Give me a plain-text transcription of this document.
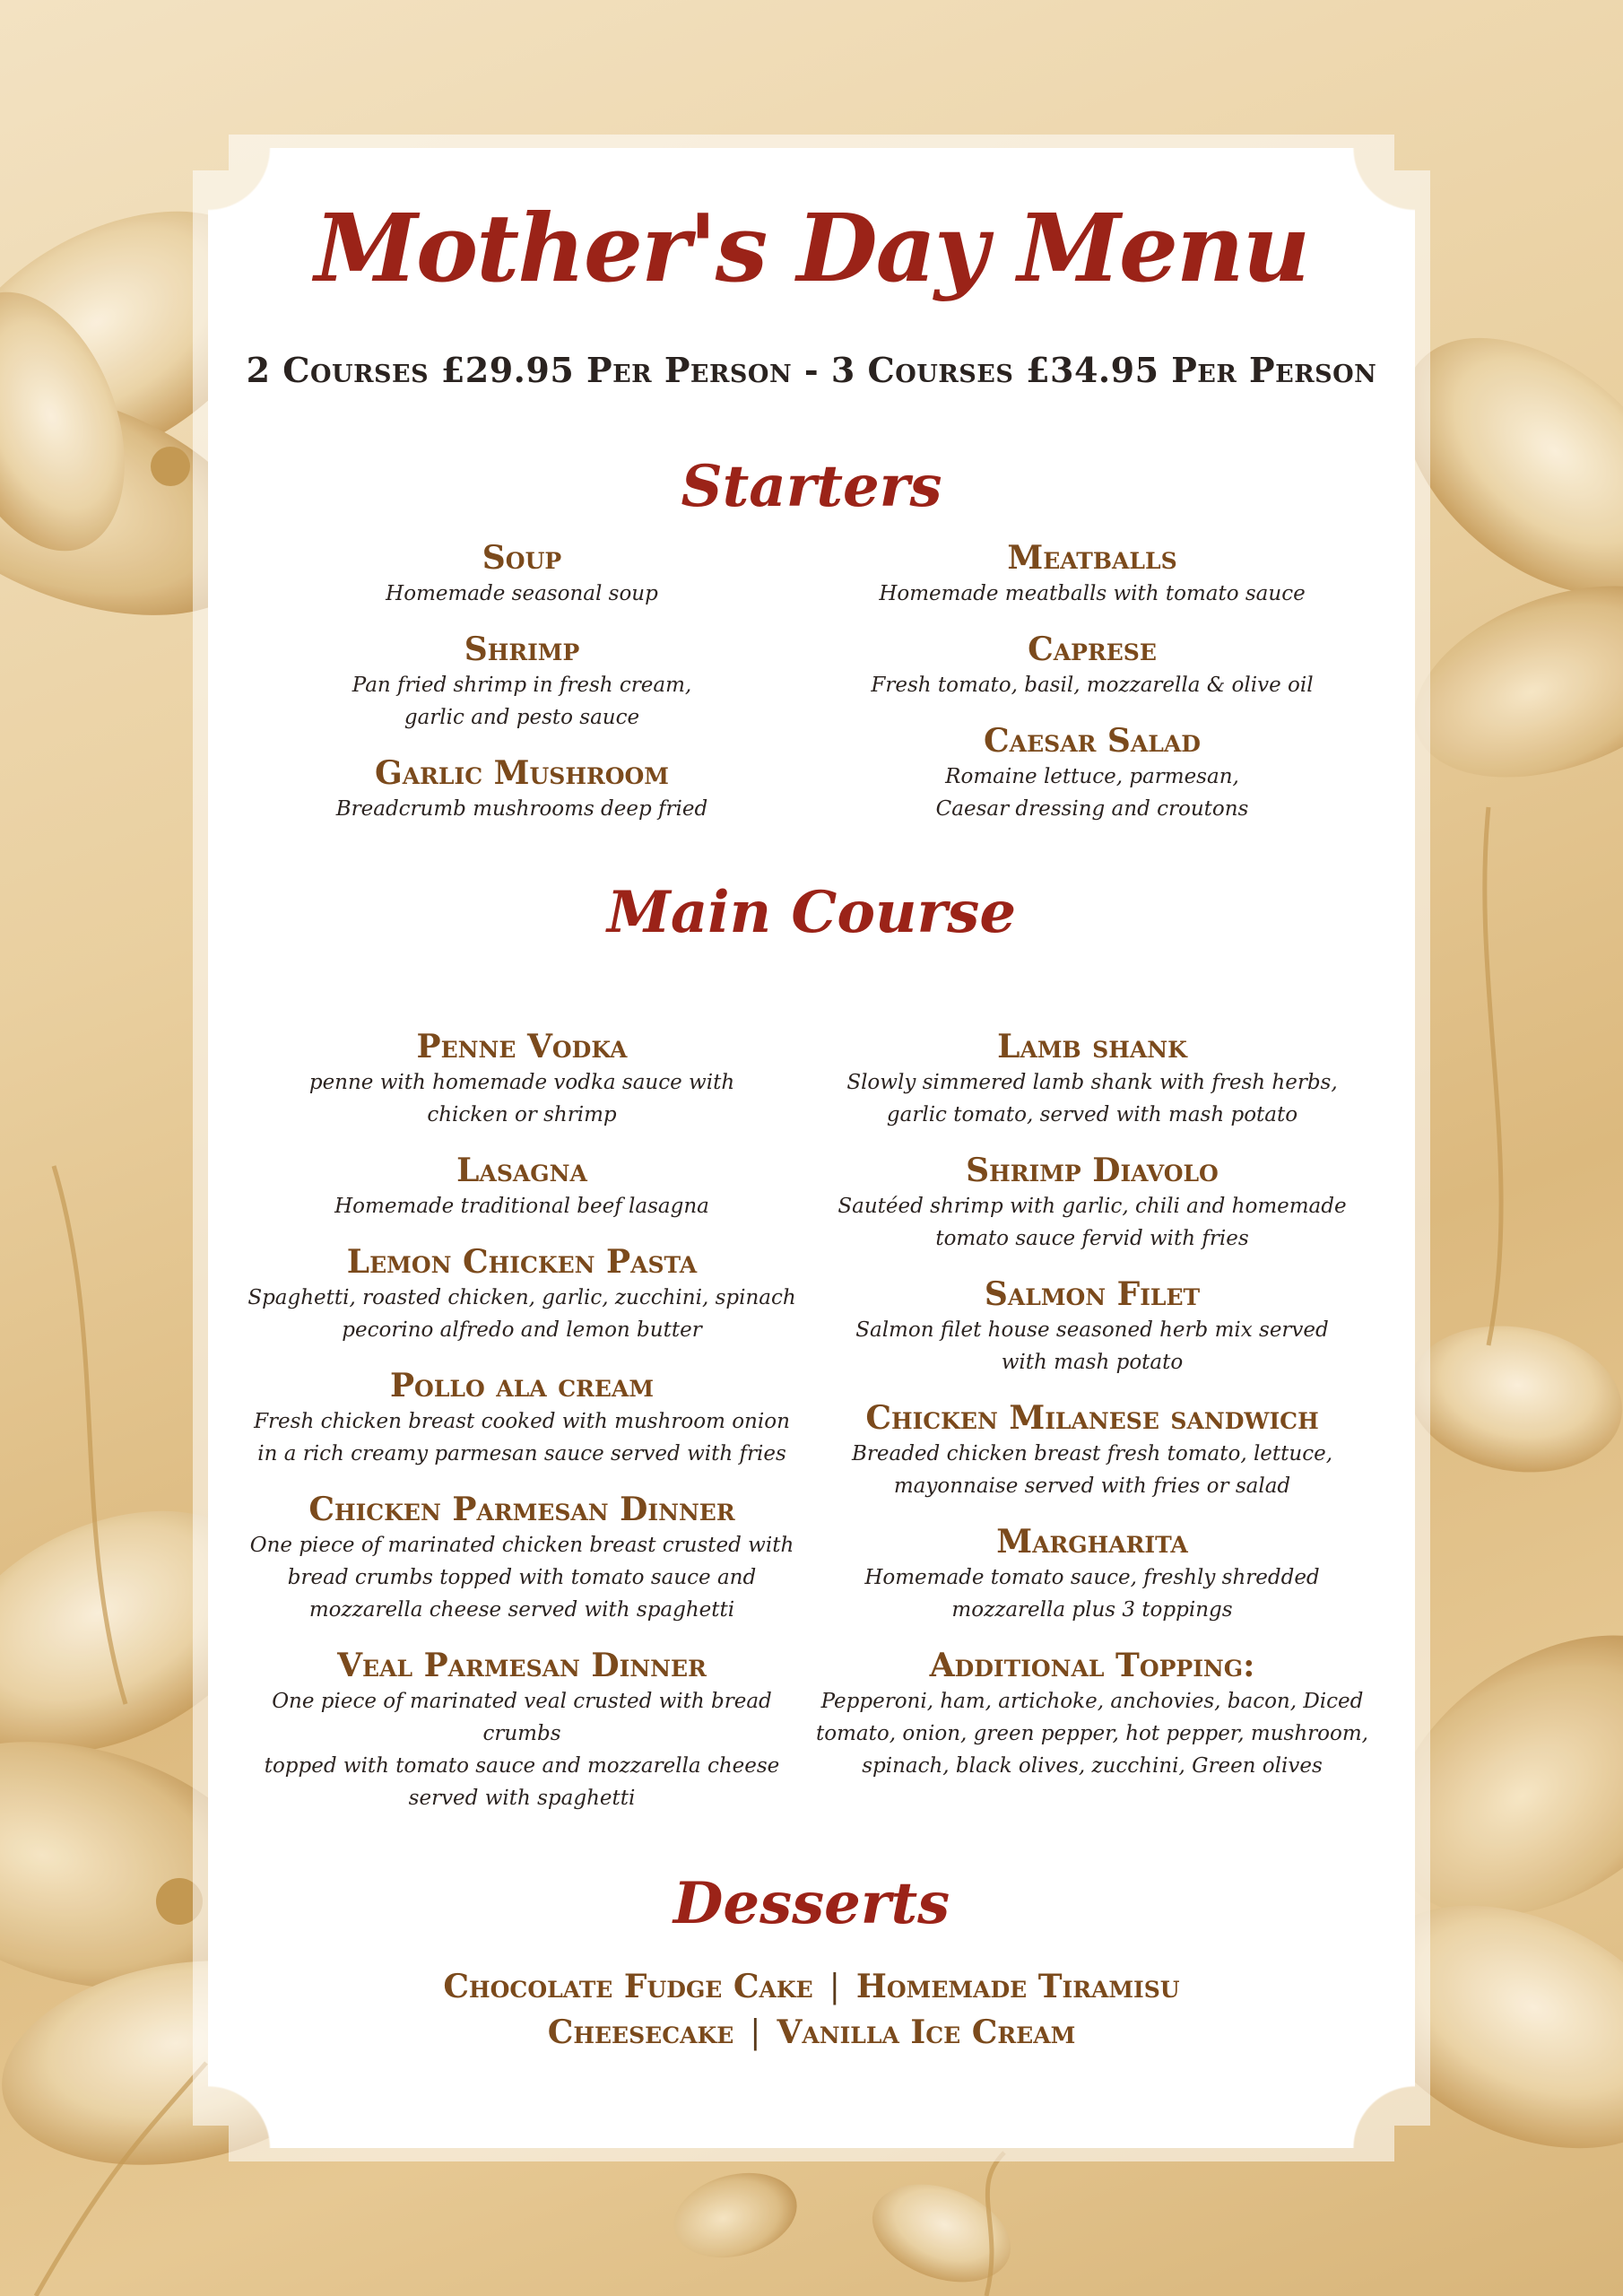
Mother's Day Menu
2 Courses £29.95 Per Person - 3 Courses £34.95 Per Person
Starters
Soup
Homemade seasonal soup
Shrimp
Pan fried shrimp in fresh cream,
garlic and pesto sauce
Garlic Mushroom
Breadcrumb mushrooms deep fried
Meatballs
Homemade meatballs with tomato sauce
Caprese
Fresh tomato, basil, mozzarella & olive oil
Caesar Salad
Romaine lettuce, parmesan,
Caesar dressing and croutons
Main Course
Penne Vodka
penne with homemade vodka sauce with
chicken or shrimp
Lasagna
Homemade traditional beef lasagna
Lemon Chicken Pasta
Spaghetti, roasted chicken, garlic, zucchini, spinach
pecorino alfredo and lemon butter
Pollo ala cream
Fresh chicken breast cooked with mushroom onion
in a rich creamy parmesan sauce served with fries
Chicken Parmesan Dinner
One piece of marinated chicken breast crusted with
bread crumbs topped with tomato sauce and
mozzarella cheese served with spaghetti
Veal Parmesan Dinner
One piece of marinated veal crusted with bread crumbs
topped with tomato sauce and mozzarella cheese
served with spaghetti
Lamb shank
Slowly simmered lamb shank with fresh herbs,
garlic tomato, served with mash potato
Shrimp Diavolo
Sautéed shrimp with garlic, chili and homemade
tomato sauce fervid with fries
Salmon Filet
Salmon filet house seasoned herb mix served
with mash potato
Chicken Milanese sandwich
Breaded chicken breast fresh tomato, lettuce,
mayonnaise served with fries or salad
Margharita
Homemade tomato sauce, freshly shredded
mozzarella plus 3 toppings
Additional Topping:
Pepperoni, ham, artichoke, anchovies, bacon, Diced
tomato, onion, green pepper, hot pepper, mushroom,
spinach, black olives, zucchini, Green olives
Desserts
Chocolate Fudge Cake | Homemade Tiramisu
Cheesecake | Vanilla Ice Cream
